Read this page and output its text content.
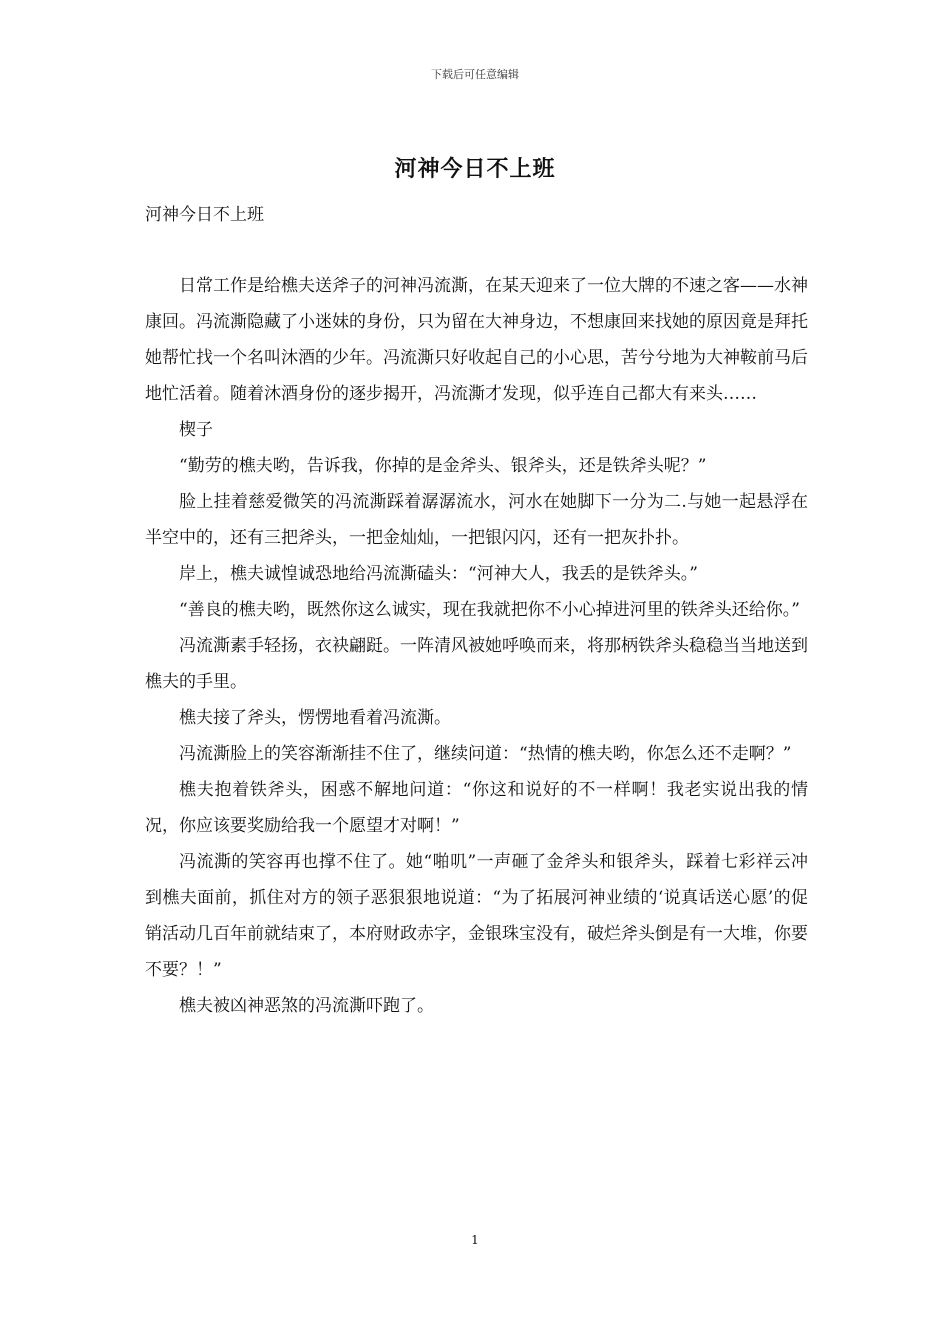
下载后可任意编辑
河神今日不上班
河神今日不上班

日常工作是给樵夫送斧子的河神冯流澌，在某天迎来了一位大牌的不速之客——水神康回。冯流澌隐藏了小迷妹的身份，只为留在大神身边，不想康回来找她的原因竟是拜托她帮忙找一个名叫沐酒的少年。冯流澌只好收起自己的小心思，苦兮兮地为大神鞍前马后地忙活着。随着沐酒身份的逐步揭开，冯流澌才发现，似乎连自己都大有来头……

楔子

“勤劳的樵夫哟，告诉我，你掉的是金斧头、银斧头，还是铁斧头呢？”

脸上挂着慈爱微笑的冯流澌踩着潺潺流水，河水在她脚下一分为二.与她一起悬浮在半空中的，还有三把斧头，一把金灿灿，一把银闪闪，还有一把灰扑扑。

岸上，樵夫诚惶诚恐地给冯流澌磕头：“河神大人，我丢的是铁斧头。”

“善良的樵夫哟，既然你这么诚实，现在我就把你不小心掉进河里的铁斧头还给你。”

冯流澌素手轻扬，衣袂翩跹。一阵清风被她呼唤而来，将那柄铁斧头稳稳当当地送到樵夫的手里。

樵夫接了斧头，愣愣地看着冯流澌。

冯流澌脸上的笑容渐渐挂不住了，继续问道：“热情的樵夫哟，你怎么还不走啊？”

樵夫抱着铁斧头，困惑不解地问道：“你这和说好的不一样啊！我老实说出我的情况，你应该要奖励给我一个愿望才对啊！”

冯流澌的笑容再也撑不住了。她“啪叽”一声砸了金斧头和银斧头，踩着七彩祥云冲到樵夫面前，抓住对方的领子恶狠狠地说道：“为了拓展河神业绩的‘说真话送心愿’的促销活动几百年前就结束了，本府财政赤字，金银珠宝没有，破烂斧头倒是有一大堆，你要不要？！”

樵夫被凶神恶煞的冯流澌吓跑了。

1
